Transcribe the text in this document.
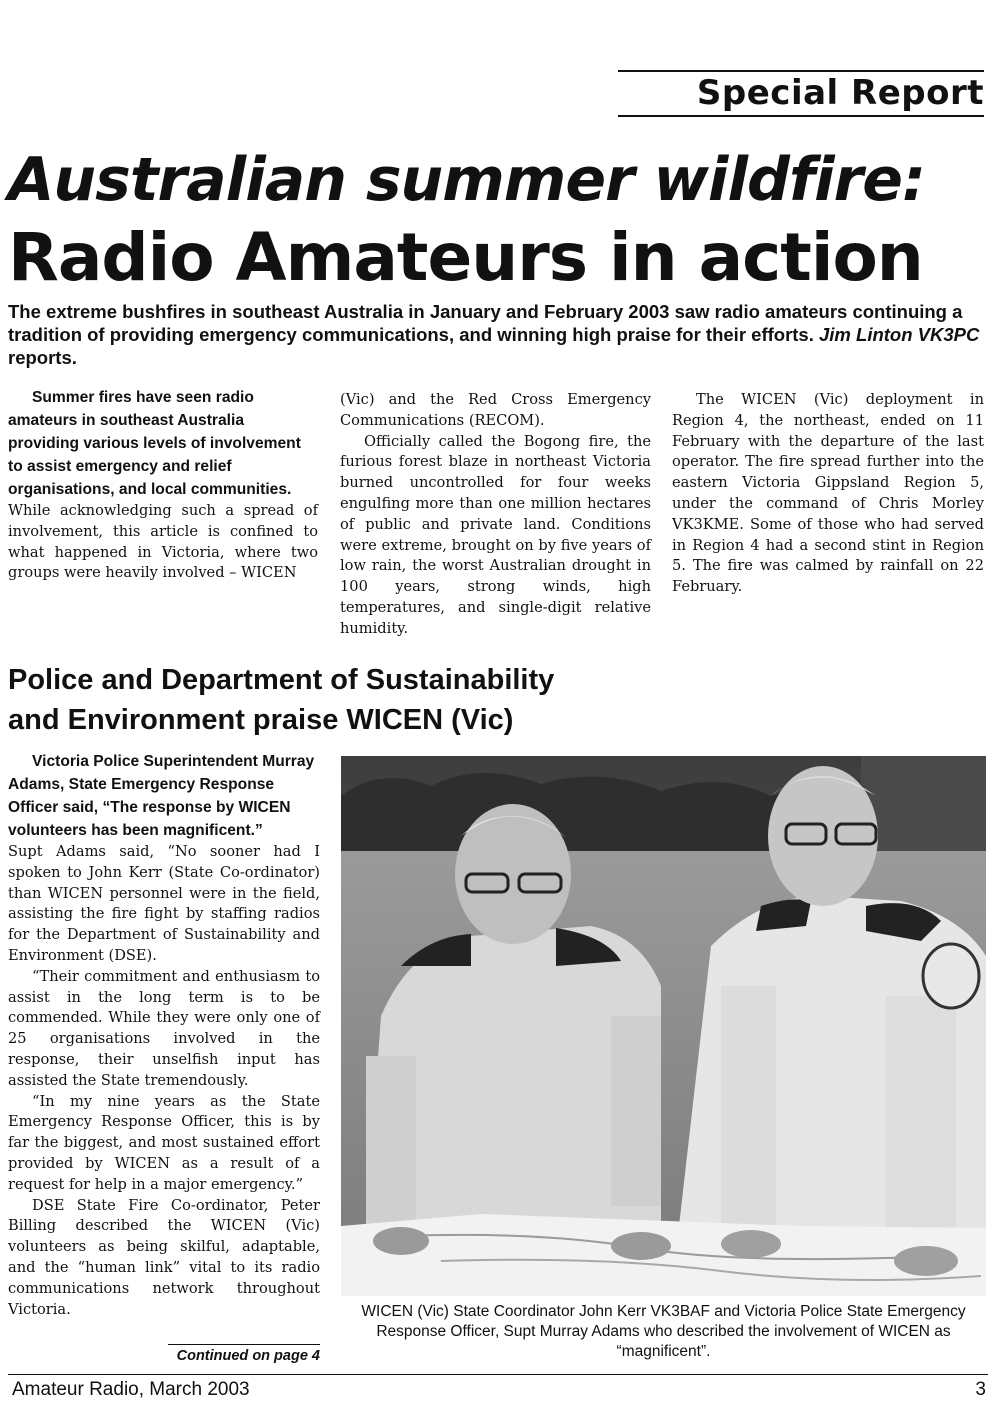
Special Report
Australian summer wildfire:
Radio Amateurs in action
The extreme bushfires in southeast Australia in January and February 2003 saw radio amateurs continuing a tradition of providing emergency communications, and winning high praise for their efforts. Jim Linton VK3PC reports.

Summer fires have seen radio amateurs in southeast Australia providing various levels of involvement to assist emergency and relief organisations, and local communities.

While acknowledging such a spread of involvement, this article is confined to what happened in Victoria, where two groups were heavily involved – WICEN

(Vic) and the Red Cross Emergency Communications (RECOM).

Officially called the Bogong fire, the furious forest blaze in northeast Victoria burned uncontrolled for four weeks engulfing more than one million hectares of public and private land. Conditions were extreme, brought on by five years of low rain, the worst Australian drought in 100 years, strong winds, high temperatures, and single-digit relative humidity.

The WICEN (Vic) deployment in Region 4, the northeast, ended on 11 February with the departure of the last operator. The fire spread further into the eastern Victoria Gippsland Region 5, under the command of Chris Morley VK3KME. Some of those who had served in Region 4 had a second stint in Region 5. The fire was calmed by rainfall on 22 February.

Police and Department of Sustainability
and Environment praise WICEN (Vic)

Victoria Police Superintendent Murray Adams, State Emergency Response Officer said, “The response by WICEN volunteers has been magnificent.”

Supt Adams said, “No sooner had I spoken to John Kerr (State Co-ordinator) than WICEN personnel were in the field, assisting the fire fight by staffing radios for the Department of Sustainability and Environment (DSE).

“Their commitment and enthusiasm to assist in the long term is to be commended. While they were only one of 25 organisations involved in the response, their unselfish input has assisted the State tremendously.

“In my nine years as the State Emergency Response Officer, this is by far the biggest, and most sustained effort provided by WICEN as a result of a request for help in a major emergency.”

DSE State Fire Co-ordinator, Peter Billing described the WICEN (Vic) volunteers as being skilful, adaptable, and the “human link” vital to its radio communications network throughout Victoria.

Continued on page 4
WICEN (Vic) State Coordinator John Kerr VK3BAF and Victoria Police State Emergency Response Officer, Supt Murray Adams who described the involvement of WICEN as “magnificent”.
Amateur Radio, March 2003	3
